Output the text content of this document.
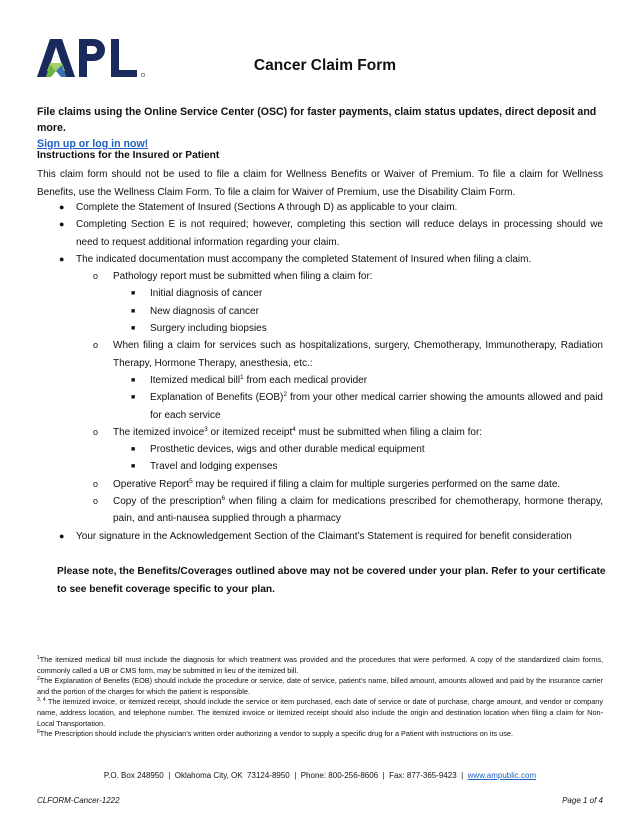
Cancer Claim Form
File claims using the Online Service Center (OSC) for faster payments, claim status updates, direct deposit and more.
Sign up or log in now!
Instructions for the Insured or Patient
This claim form should not be used to file a claim for Wellness Benefits or Waiver of Premium. To file a claim for Wellness Benefits, use the Wellness Claim Form. To file a claim for Waiver of Premium, use the Disability Claim Form.
● Complete the Statement of Insured (Sections A through D) as applicable to your claim.
● Completing Section E is not required; however, completing this section will reduce delays in processing should we need to request additional information regarding your claim.
● The indicated documentation must accompany the completed Statement of Insured when filing a claim.
o Pathology report must be submitted when filing a claim for:
■ Initial diagnosis of cancer
■ New diagnosis of cancer
■ Surgery including biopsies
o When filing a claim for services such as hospitalizations, surgery, Chemotherapy, Immunotherapy, Radiation Therapy, Hormone Therapy, anesthesia, etc.:
■ Itemized medical bill$^1$ from each medical provider
■ Explanation of Benefits (EOB)$^2$ from your other medical carrier showing the amounts allowed and paid for each service
o The itemized invoice$^3$ or itemized receipt$^4$ must be submitted when filing a claim for:
■ Prosthetic devices, wigs and other durable medical equipment
■ Travel and lodging expenses
o Operative Report$^5$ may be required if filing a claim for multiple surgeries performed on the same date.
o Copy of the prescription$^6$ when filing a claim for medications prescribed for chemotherapy, hormone therapy, pain, and anti-nausea supplied through a pharmacy
● Your signature in the Acknowledgement Section of the Claimant’s Statement is required for benefit consideration
Please note, the Benefits/Coverages outlined above may not be covered under your plan. Refer to your certificate to see benefit coverage specific to your plan.
$^1$The itemized medical bill must include the diagnosis for which treatment was provided and the procedures that were performed. A copy of the standardized claim forms, commonly called a UB or CMS form, may be submitted in lieu of the itemized bill.
$^2$The Explanation of Benefits (EOB) should include the procedure or service, date of service, patient’s name, billed amount, amounts allowed and paid by the insurance carrier and the portion of the charges for which the patient is responsible.
$^{3, 4}$ The itemized invoice, or itemized receipt, should include the service or item purchased, each date of service or date of purchase, charge amount, and vendor or company name, address location, and telephone number. The itemized invoice or itemized receipt should also include the origin and destination location when filing a claim for Non-Local Transportation.
$^6$The Prescription should include the physician’s written order authorizing a vendor to supply a specific drug for a Patient with instructions on its use.
P.O. Box 248950  |  Oklahoma City, OK  73124-8950  |  Phone: 800-256-8606  |  Fax: 877-365-9423  |  www.ampublic.com
CLFORM-Cancer-1222	Page 1 of 4
